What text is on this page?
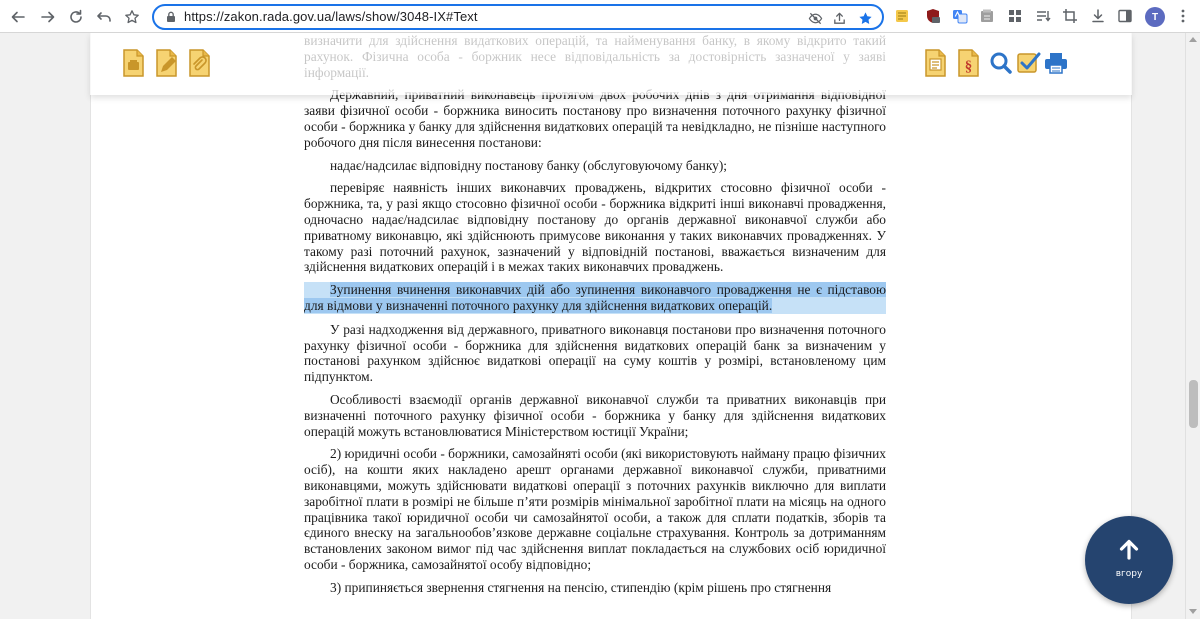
https://zakon.rada.gov.ua/laws/show/3048-IX#Text	T

заяви фізичної особи - боржника виносить постанову про визначення поточного рахунку фізичної особи - боржника у банку для здійснення видаткових операцій та невідкладно, не пізніше наступного робочого дня після винесення постанови:

надає/надсилає відповідну постанову банку (обслуговуючому банку);

перевіряє наявність інших виконавчих проваджень, відкритих стосовно фізичної особи - боржника, та, у разі якщо стосовно фізичної особи - боржника відкриті інші виконавчі провадження, одночасно надає/надсилає відповідну постанову до органів державної виконавчої служби або приватному виконавцю, які здійснюють примусове виконання у таких виконавчих провадженнях. У такому разі поточний рахунок, зазначений у відповідній постанові, вважається визначеним для здійснення видаткових операцій і в межах таких виконавчих проваджень.

Зупинення вчинення виконавчих дій або зупинення виконавчого провадження не є підставою для відмови у визначенні поточного рахунку для здійснення видаткових операцій.

У разі надходження від державного, приватного виконавця постанови про визначення поточного рахунку фізичної особи - боржника для здійснення видаткових операцій банк за визначеним у постанові рахунком здійснює видаткові операції на суму коштів у розмірі, встановленому цим підпунктом.

Особливості взаємодії органів державної виконавчої служби та приватних виконавців при визначенні поточного рахунку фізичної особи - боржника у банку для здійснення видаткових операцій можуть встановлюватися Міністерством юстиції України;

2) юридичні особи - боржники, самозайняті особи (які використовують найману працю фізичних осіб), на кошти яких накладено арешт органами державної виконавчої служби, приватними виконавцями, можуть здійснювати видаткові операції з поточних рахунків виключно для виплати заробітної плати в розмірі не більше п’яти розмірів мінімальної заробітної плати на місяць на одного працівника такої юридичної особи чи самозайнятої особи, а також для сплати податків, зборів та єдиного внеску на загальнообов’язкове державне соціальне страхування. Контроль за дотриманням встановлених законом вимог під час здійснення виплат покладається на службових осіб юридичної особи - боржника, самозайнятої особу відповідно;

3) припиняється звернення стягнення на пенсію, стипендію (крім рішень про стягнення

§
вгору
